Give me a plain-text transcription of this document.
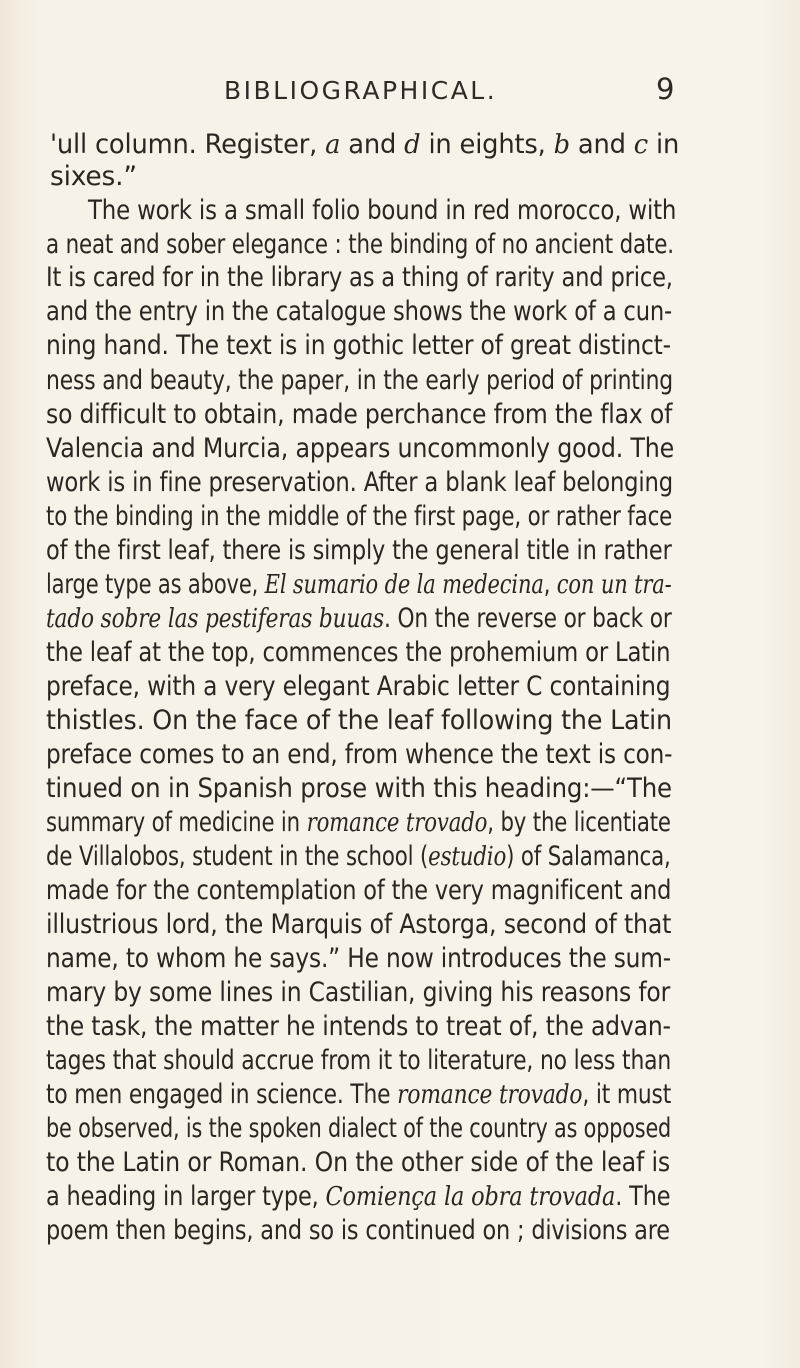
BIBLIOGRAPHICAL.	9
'ull column. Register, a and d in eights, b and c in
sixes.”
The work is a small folio bound in red morocco, with
a neat and sober elegance : the binding of no ancient date.
It is cared for in the library as a thing of rarity and price,
and the entry in the catalogue shows the work of a cun-
ning hand. The text is in gothic letter of great distinct-
ness and beauty, the paper, in the early period of printing
so difficult to obtain, made perchance from the flax of
Valencia and Murcia, appears uncommonly good. The
work is in fine preservation. After a blank leaf belonging
to the binding in the middle of the first page, or rather face
of the first leaf, there is simply the general title in rather
large type as above, El sumario de la medecina, con un tra-
tado sobre las pestiferas buuas. On the reverse or back or
the leaf at the top, commences the prohemium or Latin
preface, with a very elegant Arabic letter C containing
thistles. On the face of the leaf following the Latin
preface comes to an end, from whence the text is con-
tinued on in Spanish prose with this heading:—“The
summary of medicine in romance trovado, by the licentiate
de Villalobos, student in the school (estudio) of Salamanca,
made for the contemplation of the very magnificent and
illustrious lord, the Marquis of Astorga, second of that
name, to whom he says.” He now introduces the sum-
mary by some lines in Castilian, giving his reasons for
the task, the matter he intends to treat of, the advan-
tages that should accrue from it to literature, no less than
to men engaged in science. The romance trovado, it must
be observed, is the spoken dialect of the country as opposed
to the Latin or Roman. On the other side of the leaf is
a heading in larger type, Comiença la obra trovada. The
poem then begins, and so is continued on ; divisions are
